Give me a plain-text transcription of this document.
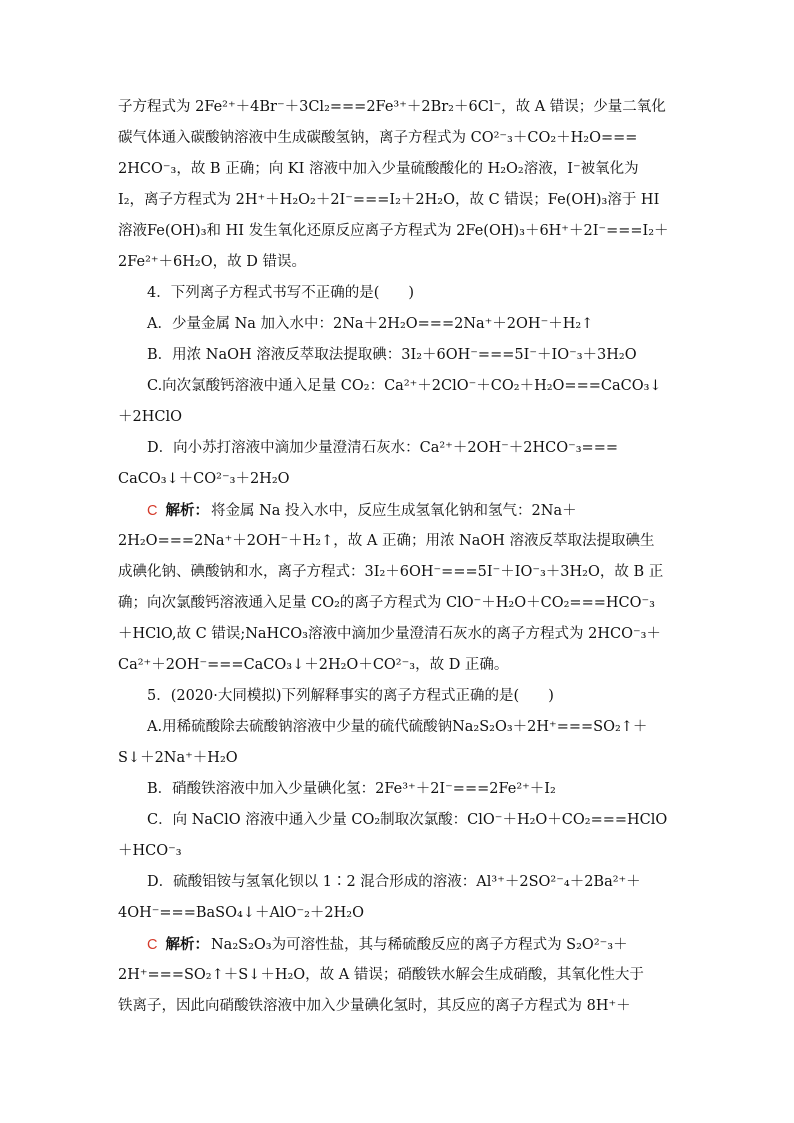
子方程式为 2Fe²⁺＋4Br⁻＋3Cl₂===2Fe³⁺＋2Br₂＋6Cl⁻，故 A 错误；少量二氧化
碳气体通入碳酸钠溶液中生成碳酸氢钠，离子方程式为 CO²⁻₃＋CO₂＋H₂O===
2HCO⁻₃，故 B 正确；向 KI 溶液中加入少量硫酸酸化的 H₂O₂溶液，I⁻被氧化为
I₂，离子方程式为 2H⁺＋H₂O₂＋2I⁻===I₂＋2H₂O，故 C 错误；Fe(OH)₃溶于 HI
溶液Fe(OH)₃和 HI 发生氧化还原反应离子方程式为 2Fe(OH)₃＋6H⁺＋2I⁻===I₂＋
2Fe²⁺＋6H₂O，故 D 错误。
4．下列离子方程式书写不正确的是(　　)
A．少量金属 Na 加入水中：2Na＋2H₂O===2Na⁺＋2OH⁻＋H₂↑
B．用浓 NaOH 溶液反萃取法提取碘：3I₂＋6OH⁻===5I⁻＋IO⁻₃＋3H₂O
C.向次氯酸钙溶液中通入足量 CO₂：Ca²⁺＋2ClO⁻＋CO₂＋H₂O===CaCO₃↓
＋2HClO
D．向小苏打溶液中滴加少量澄清石灰水：Ca²⁺＋2OH⁻＋2HCO⁻₃===
CaCO₃↓＋CO²⁻₃＋2H₂O
C 解析： 将金属 Na 投入水中，反应生成氢氧化钠和氢气：2Na＋
2H₂O===2Na⁺＋2OH⁻＋H₂↑，故 A 正确；用浓 NaOH 溶液反萃取法提取碘生
成碘化钠、碘酸钠和水，离子方程式：3I₂＋6OH⁻===5I⁻＋IO⁻₃＋3H₂O，故 B 正
确；向次氯酸钙溶液通入足量 CO₂的离子方程式为 ClO⁻＋H₂O＋CO₂===HCO⁻₃
＋HClO,故 C 错误;NaHCO₃溶液中滴加少量澄清石灰水的离子方程式为 2HCO⁻₃＋
Ca²⁺＋2OH⁻===CaCO₃↓＋2H₂O＋CO²⁻₃，故 D 正确。
5．(2020·大同模拟)下列解释事实的离子方程式正确的是(　　)
A.用稀硫酸除去硫酸钠溶液中少量的硫代硫酸钠Na₂S₂O₃＋2H⁺===SO₂↑＋
S↓＋2Na⁺＋H₂O
B．硝酸铁溶液中加入少量碘化氢：2Fe³⁺＋2I⁻===2Fe²⁺＋I₂
C．向 NaClO 溶液中通入少量 CO₂制取次氯酸：ClO⁻＋H₂O＋CO₂===HClO
＋HCO⁻₃
D．硫酸铝铵与氢氧化钡以 1∶2 混合形成的溶液：Al³⁺＋2SO²⁻₄＋2Ba²⁺＋
4OH⁻===BaSO₄↓＋AlO⁻₂＋2H₂O
C 解析： Na₂S₂O₃为可溶性盐，其与稀硫酸反应的离子方程式为 S₂O²⁻₃＋
2H⁺===SO₂↑＋S↓＋H₂O，故 A 错误；硝酸铁水解会生成硝酸，其氧化性大于
铁离子，因此向硝酸铁溶液中加入少量碘化氢时，其反应的离子方程式为 8H⁺＋
